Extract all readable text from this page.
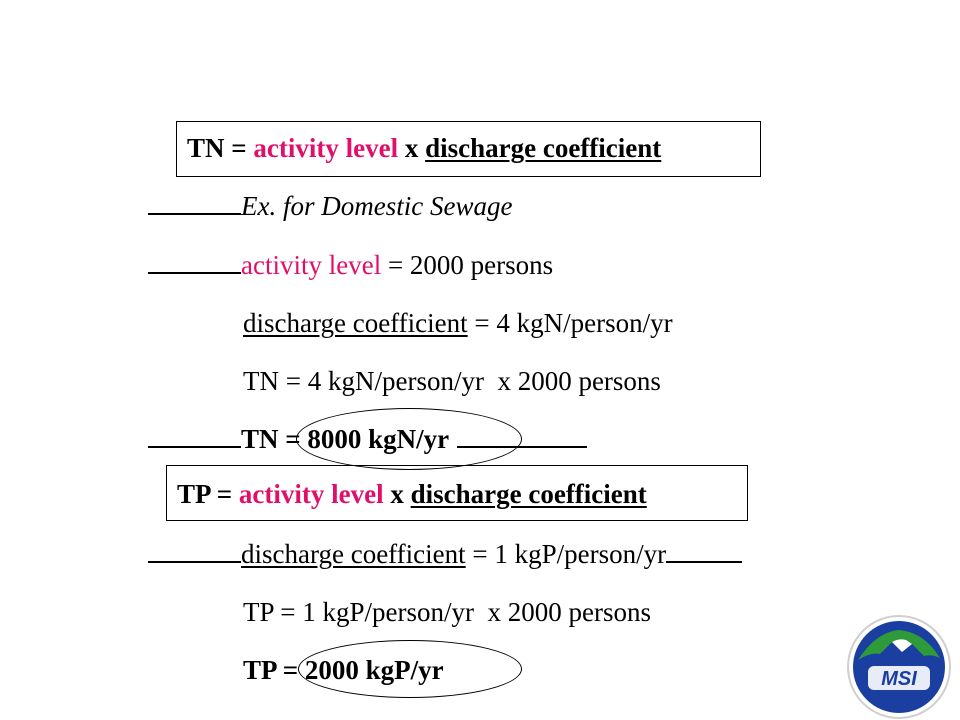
TN = activity level x discharge coefficient
Ex. for Domestic Sewage
activity level = 2000 persons
discharge coefficient = 4 kgN/person/yr
TN = 4 kgN/person/yr  x 2000 persons
TN = 8000 kgN/yr
TP = activity level x discharge coefficient
discharge coefficient = 1 kgP/person/yr
TP = 1 kgP/person/yr  x 2000 persons
TP = 2000 kgP/yr	MSI
